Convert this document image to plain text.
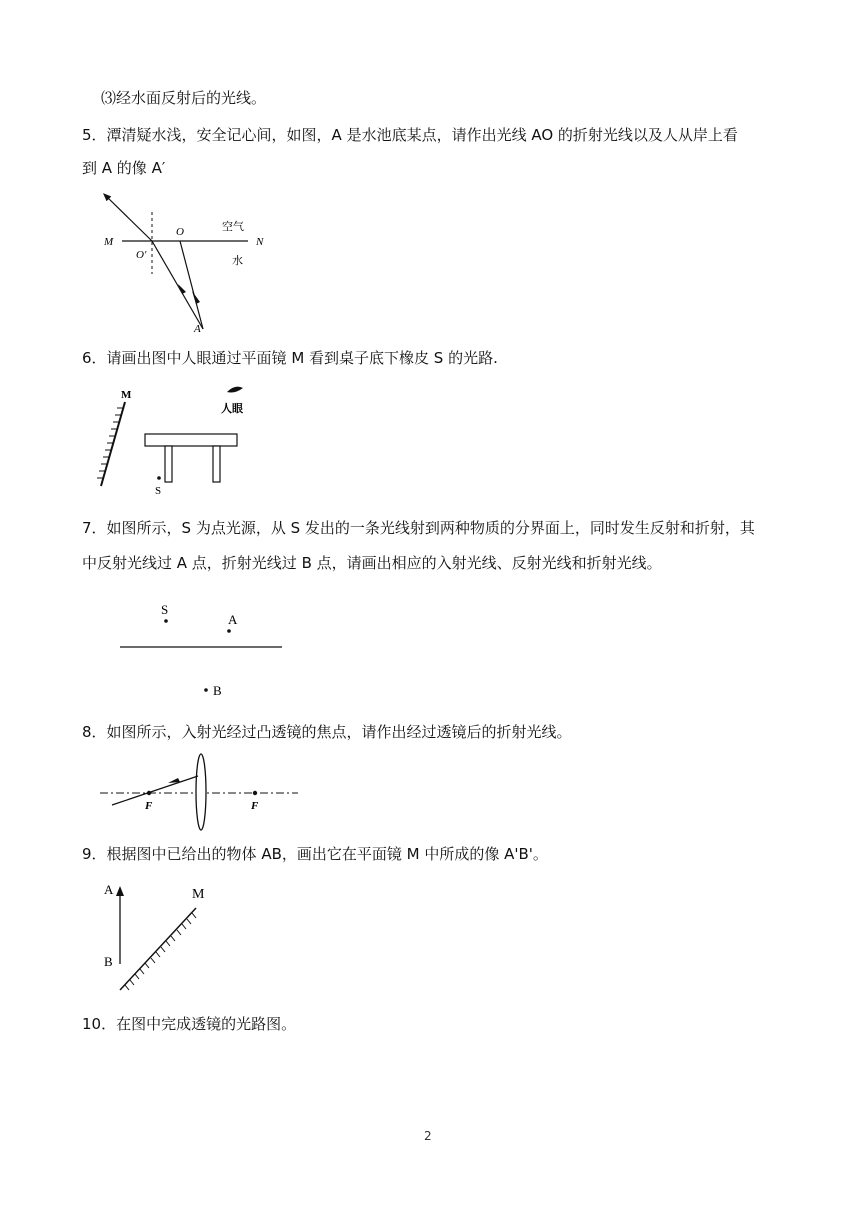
⑶经水面反射后的光线。
5．潭清疑水浅，安全记心间，如图，A 是水池底某点，请作出光线 AO 的折射光线以及人从岸上看
到 A 的像 A′
M	N
O
O′
A
空气
水
6．请画出图中人眼通过平面镜 M 看到桌子底下橡皮 S 的光路.
M
人眼
S
7．如图所示，S 为点光源，从 S 发出的一条光线射到两种物质的分界面上，同时发生反射和折射，其
中反射光线过 A 点，折射光线过 B 点，请画出相应的入射光线、反射光线和折射光线。
S
A
B
8．如图所示，入射光经过凸透镜的焦点，请作出经过透镜后的折射光线。
F	F
9．根据图中已给出的物体 AB，画出它在平面镜 M 中所成的像 A'B'。
A
B
M
10．在图中完成透镜的光路图。
2
